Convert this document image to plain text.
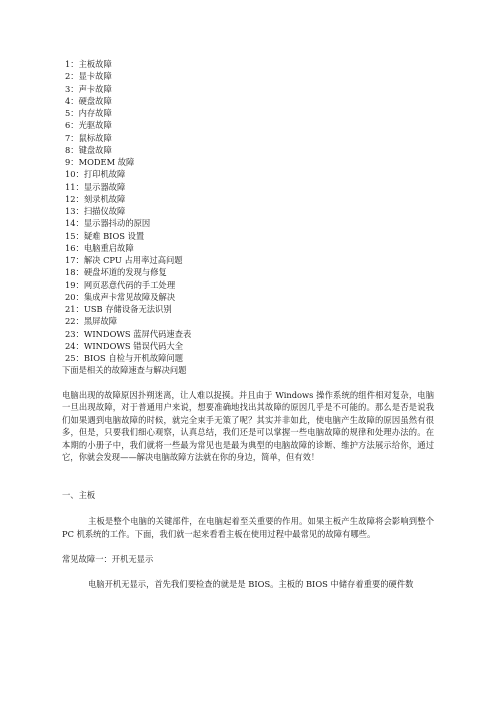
1：主板故障
2：显卡故障
3：声卡故障
4：硬盘故障
5：内存故障
6：光驱故障
7：鼠标故障
8：键盘故障
9：MODEM 故障
10：打印机故障
11：显示器故障
12：刻录机故障
13：扫描仪故障
14：显示器抖动的原因
15：疑难 BIOS 设置
16：电脑重启故障
17：解决 CPU 占用率过高问题
18：硬盘坏道的发现与修复
19：网页恶意代码的手工处理
20：集成声卡常见故障及解决
21：USB 存储设备无法识别
22：黑屏故障
23：WINDOWS 蓝屏代码速查表
24：WINDOWS 错误代码大全
25：BIOS 自检与开机故障问题
下面是相关的故障速查与解决问题

电脑出现的故障原因扑朔迷离，让人难以捉摸。并且由于 Windows 操作系统的组件相对复杂，电脑一旦出现故障，对于普通用户来说，想要准确地找出其故障的原因几乎是不可能的。那么是否是说我们如果遇到电脑故障的时候，就完全束手无策了呢？其实并非如此，使电脑产生故障的原因虽然有很多，但是，只要我们细心观察，认真总结，我们还是可以掌握一些电脑故障的规律和处理办法的。在本期的小册子中，我们就将一些最为常见也是最为典型的电脑故障的诊断、维护方法展示给你，通过它，你就会发现——解决电脑故障方法就在你的身边，简单，但有效！

一、主板

主板是整个电脑的关键部件，在电脑起着至关重要的作用。如果主板产生故障将会影响到整个 PC 机系统的工作。下面，我们就一起来看看主板在使用过程中最常见的故障有哪些。

常见故障一：开机无显示

电脑开机无显示，首先我们要检查的就是是 BIOS。主板的 BIOS 中储存着重要的硬件数
